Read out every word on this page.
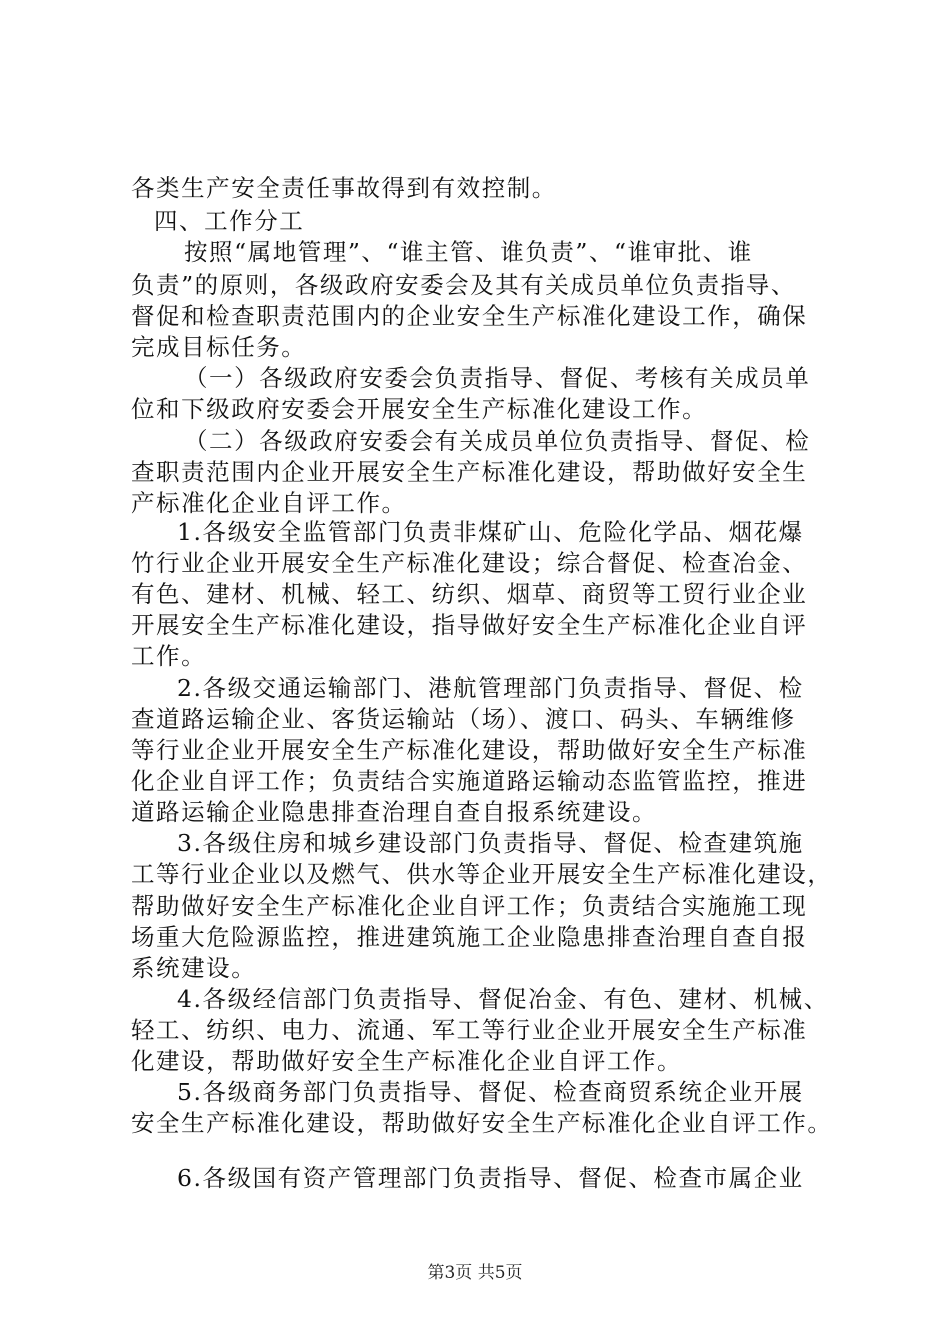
各类生产安全责任事故得到有效控制。
四、工作分工
按照“属地管理”、“谁主管、谁负责”、“谁审批、谁
负责”的原则，各级政府安委会及其有关成员单位负责指导、
督促和检查职责范围内的企业安全生产标准化建设工作，确保
完成目标任务。
（一）各级政府安委会负责指导、督促、考核有关成员单
位和下级政府安委会开展安全生产标准化建设工作。
（二）各级政府安委会有关成员单位负责指导、督促、检
查职责范围内企业开展安全生产标准化建设，帮助做好安全生
产标准化企业自评工作。
1.各级安全监管部门负责非煤矿山、危险化学品、烟花爆
竹行业企业开展安全生产标准化建设；综合督促、检查冶金、
有色、建材、机械、轻工、纺织、烟草、商贸等工贸行业企业
开展安全生产标准化建设，指导做好安全生产标准化企业自评
工作。
2.各级交通运输部门、港航管理部门负责指导、督促、检
查道路运输企业、客货运输站（场）、渡口、码头、车辆维修
等行业企业开展安全生产标准化建设，帮助做好安全生产标准
化企业自评工作；负责结合实施道路运输动态监管监控，推进
道路运输企业隐患排查治理自查自报系统建设。
3.各级住房和城乡建设部门负责指导、督促、检查建筑施
工等行业企业以及燃气、供水等企业开展安全生产标准化建设，
帮助做好安全生产标准化企业自评工作；负责结合实施施工现
场重大危险源监控，推进建筑施工企业隐患排查治理自查自报
系统建设。
4.各级经信部门负责指导、督促冶金、有色、建材、机械、
轻工、纺织、电力、流通、军工等行业企业开展安全生产标准
化建设，帮助做好安全生产标准化企业自评工作。
5.各级商务部门负责指导、督促、检查商贸系统企业开展
安全生产标准化建设，帮助做好安全生产标准化企业自评工作。
6.各级国有资产管理部门负责指导、督促、检查市属企业
第3页 共5页
